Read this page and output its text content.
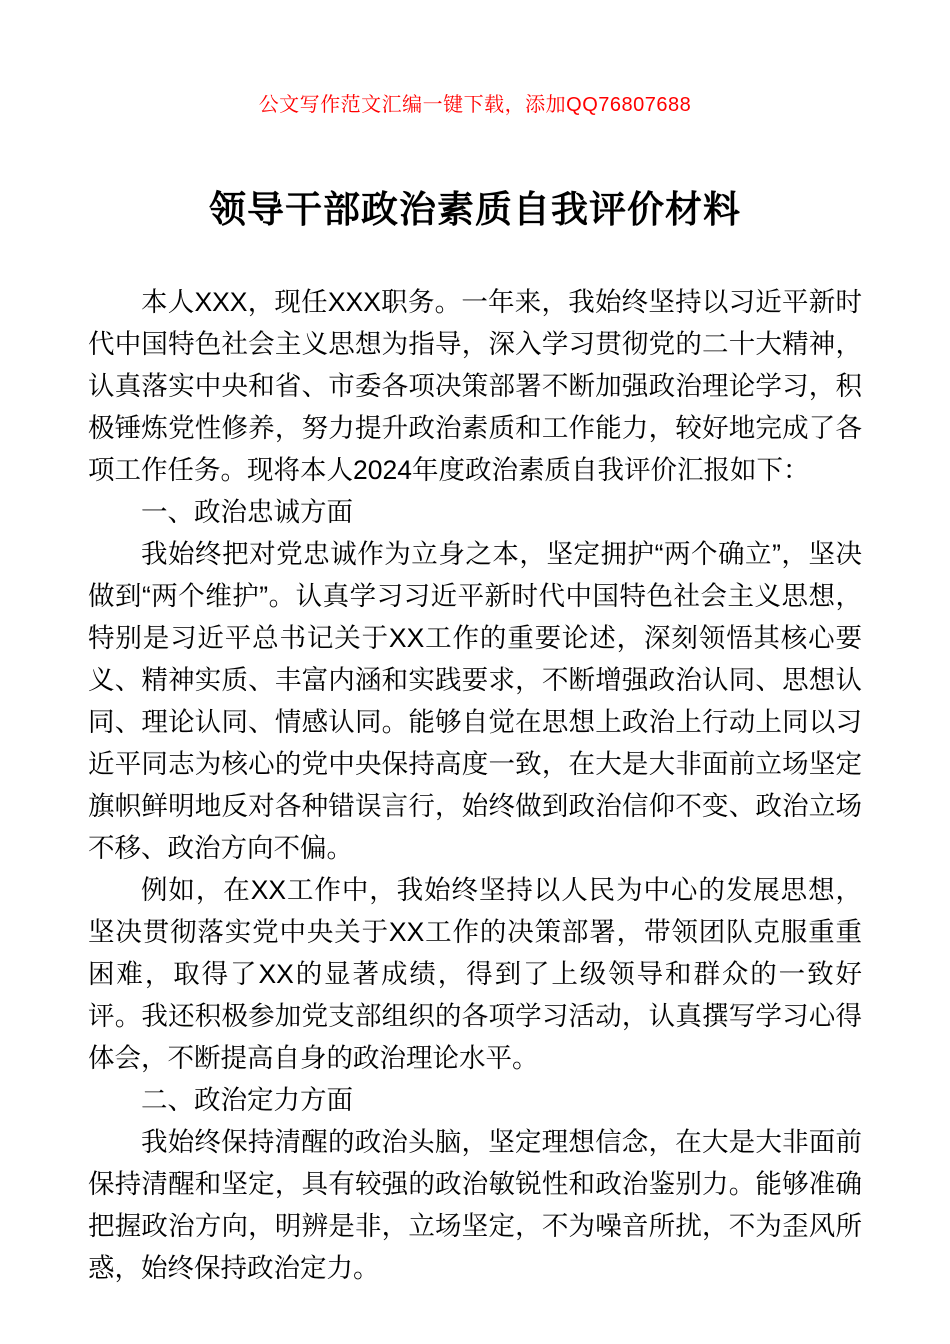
公文写作范文汇编一键下载，添加QQ76807688
领导干部政治素质自我评价材料

本人XXX，现任XXX职务。一年来，我始终坚持以习近平新时代中国特色社会主义思想为指导，深入学习贯彻党的二十大精神，认真落实中央和省、市委各项决策部署不断加强政治理论学习，积极锤炼党性修养，努力提升政治素质和工作能力，较好地完成了各项工作任务。现将本人2024年度政治素质自我评价汇报如下：

一、政治忠诚方面

我始终把对党忠诚作为立身之本，坚定拥护“两个确立”，坚决做到“两个维护”。认真学习习近平新时代中国特色社会主义思想，特别是习近平总书记关于XX工作的重要论述，深刻领悟其核心要义、精神实质、丰富内涵和实践要求，不断增强政治认同、思想认同、理论认同、情感认同。能够自觉在思想上政治上行动上同以习近平同志为核心的党中央保持高度一致，在大是大非面前立场坚定旗帜鲜明地反对各种错误言行，始终做到政治信仰不变、政治立场不移、政治方向不偏。

例如，在XX工作中，我始终坚持以人民为中心的发展思想，坚决贯彻落实党中央关于XX工作的决策部署，带领团队克服重重困难，取得了XX的显著成绩，得到了上级领导和群众的一致好评。我还积极参加党支部组织的各项学习活动，认真撰写学习心得体会，不断提高自身的政治理论水平。

二、政治定力方面

我始终保持清醒的政治头脑，坚定理想信念，在大是大非面前保持清醒和坚定，具有较强的政治敏锐性和政治鉴别力。能够准确把握政治方向，明辨是非，立场坚定，不为噪音所扰，不为歪风所惑，始终保持政治定力。
